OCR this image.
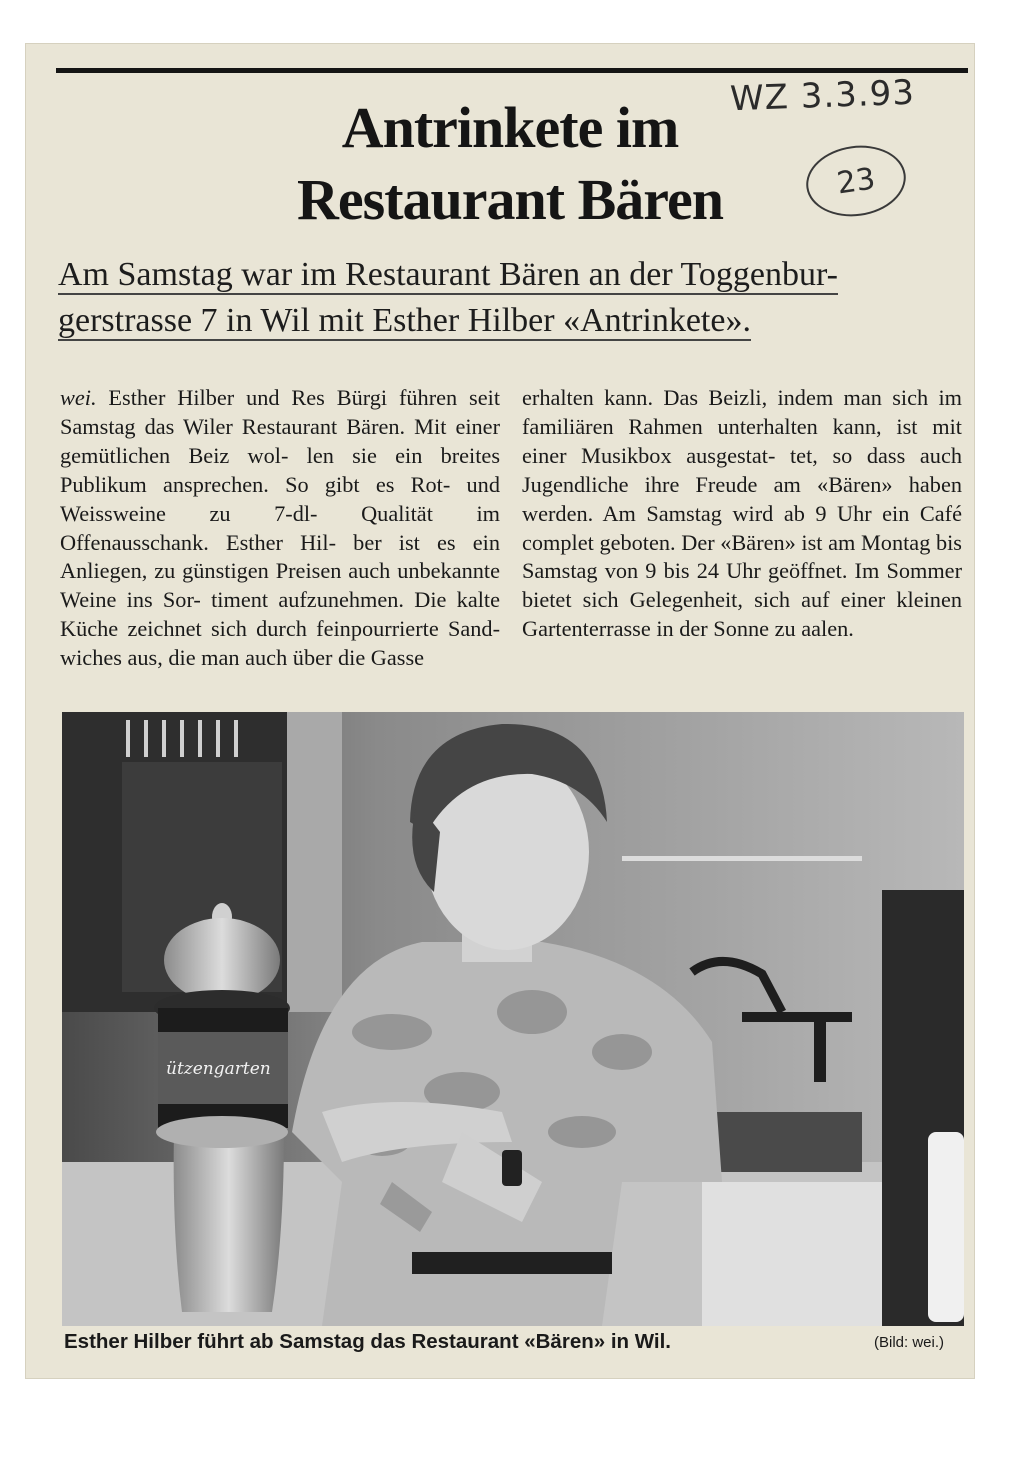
Antrinkete im
Restaurant Bären
WZ 3.3.93
23

Am Samstag war im Restaurant Bären an der Toggenbur-
gerstrasse 7 in Wil mit Esther Hilber «Antrinkete».

wei. Esther Hilber und Res Bürgi führen seit Samstag das Wiler Restaurant Bären. Mit einer gemütlichen Beiz wol- len sie ein breites Publikum ansprechen. So gibt es Rot- und Weissweine zu 7-dl- Qualität im Offenausschank. Esther Hil- ber ist es ein Anliegen, zu günstigen Preisen auch unbekannte Weine ins Sor- timent aufzunehmen. Die kalte Küche zeichnet sich durch feinpourrierte Sand- wiches aus, die man auch über die Gasse

erhalten kann. Das Beizli, indem man sich im familiären Rahmen unterhalten kann, ist mit einer Musikbox ausgestat- tet, so dass auch Jugendliche ihre Freude am «Bären» haben werden. Am Samstag wird ab 9 Uhr ein Café complet geboten. Der «Bären» ist am Montag bis Samstag von 9 bis 24 Uhr geöffnet. Im Sommer bietet sich Gelegenheit, sich auf einer kleinen Gartenterrasse in der Sonne zu aalen.

ützengarten

Esther Hilber führt ab Samstag das Restaurant «Bären» in Wil.	(Bild: wei.)
